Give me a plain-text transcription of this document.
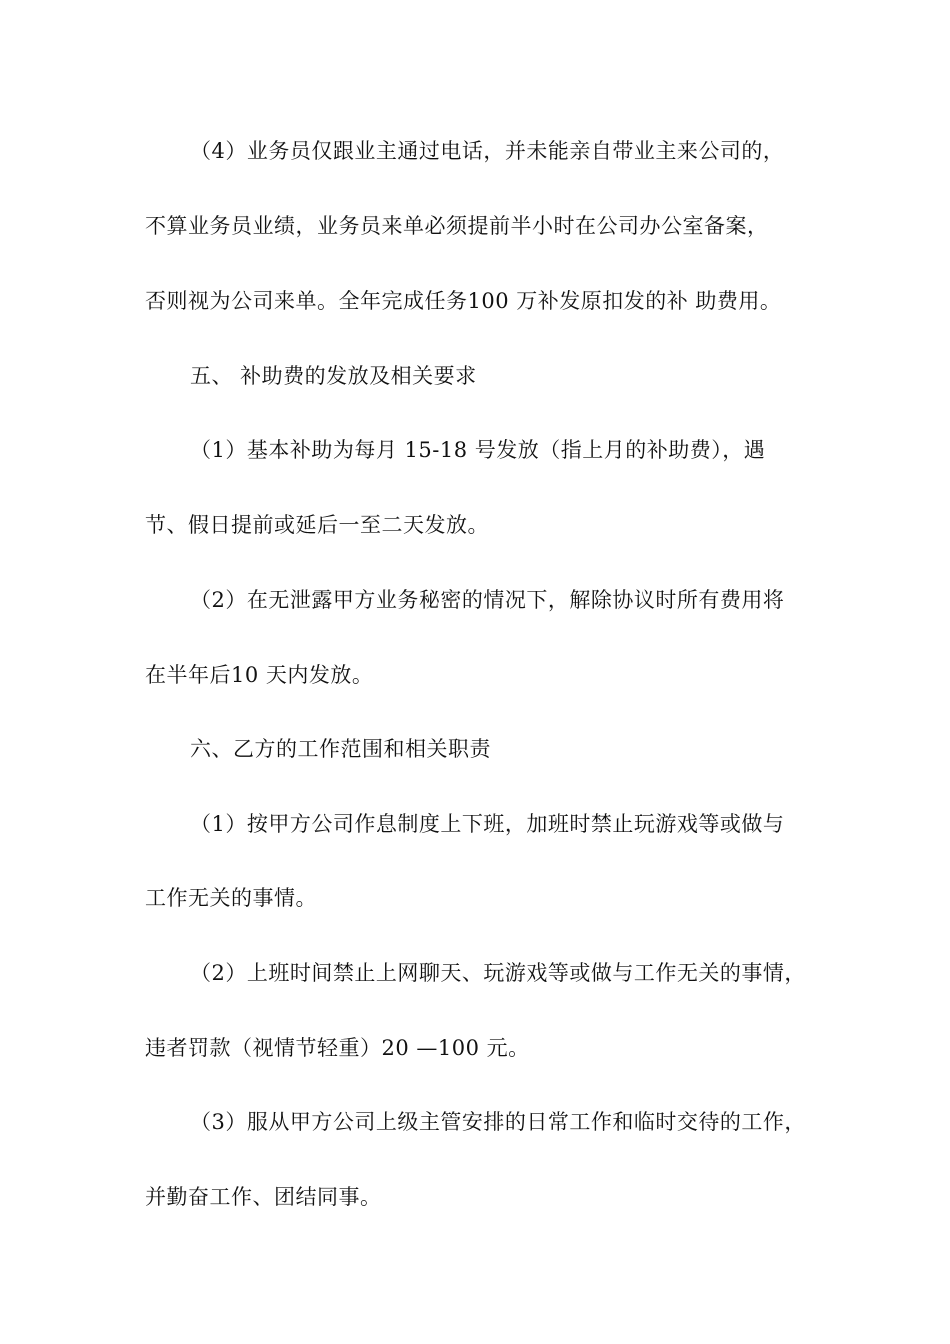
（4）业务员仅跟业主通过电话，并未能亲自带业主来公司的，
不算业务员业绩，业务员来单必须提前半小时在公司办公室备案，
否则视为公司来单。全年完成任务100 万补发原扣发的补 助费用。
五、 补助费的发放及相关要求
（1）基本补助为每月 15-18 号发放（指上月的补助费），遇
节、假日提前或延后一至二天发放。
（2）在无泄露甲方业务秘密的情况下，解除协议时所有费用将
在半年后10 天内发放。
六、乙方的工作范围和相关职责
（1）按甲方公司作息制度上下班，加班时禁止玩游戏等或做与
工作无关的事情。
（2）上班时间禁止上网聊天、玩游戏等或做与工作无关的事情，
违者罚款（视情节轻重）20 —100 元。
（3）服从甲方公司上级主管安排的日常工作和临时交待的工作，
并勤奋工作、团结同事。
